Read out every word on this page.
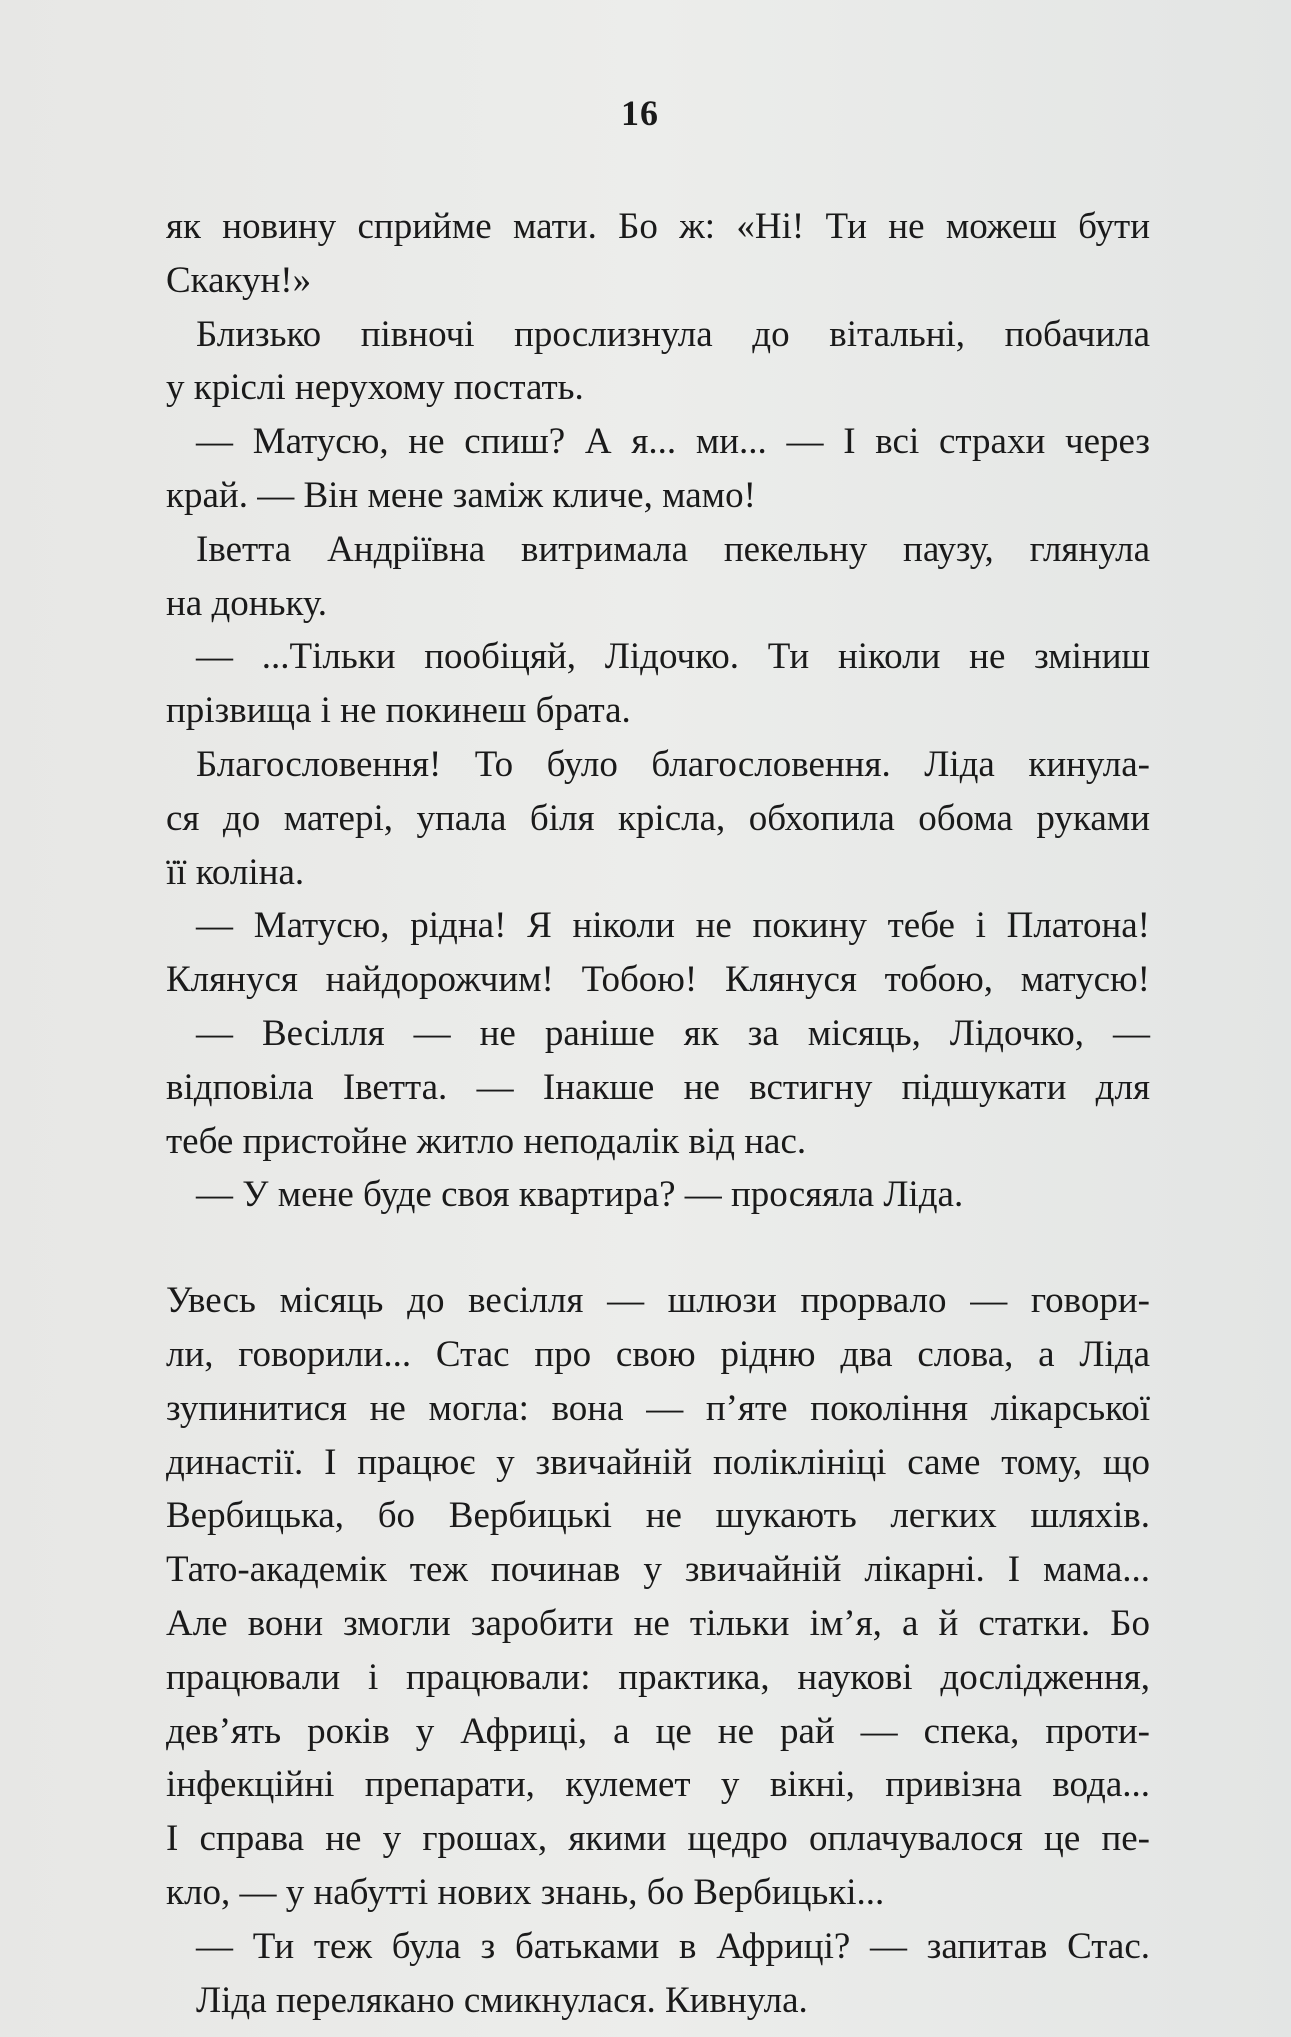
16
як новину сприйме мати. Бо ж: «Ні! Ти не можеш бути
Скакун!»
Близько півночі прослизнула до вітальні, побачила
у кріслі нерухому постать.
— Матусю, не спиш? А я... ми... — І всі страхи через
край. — Він мене заміж кличе, мамо!
Іветта Андріївна витримала пекельну паузу, глянула
на доньку.
— ...Тільки пообіцяй, Лідочко. Ти ніколи не зміниш
прізвища і не покинеш брата.
Благословення! То було благословення. Ліда кинула-
ся до матері, упала біля крісла, обхопила обома руками
її коліна.
— Матусю, рідна! Я ніколи не покину тебе і Платона!
Клянуся найдорожчим! Тобою! Клянуся тобою, матусю!
— Весілля — не раніше як за місяць, Лідочко, —
відповіла Іветта. — Інакше не встигну підшукати для
тебе пристойне житло неподалік від нас.
— У мене буде своя квартира? — просяяла Ліда.
Увесь місяць до весілля — шлюзи прорвало — говори-
ли, говорили... Стас про свою рідню два слова, а Ліда
зупинитися не могла: вона — п’яте покоління лікарської
династії. І працює у звичайній поліклініці саме тому, що
Вербицька, бо Вербицькі не шукають легких шляхів.
Тато-академік теж починав у звичайній лікарні. І мама...
Але вони змогли заробити не тільки ім’я, а й статки. Бо
працювали і працювали: практика, наукові дослідження,
дев’ять років у Африці, а це не рай — спека, проти-
інфекційні препарати, кулемет у вікні, привізна вода...
І справа не у грошах, якими щедро оплачувалося це пе-
кло, — у набутті нових знань, бо Вербицькі...
— Ти теж була з батьками в Африці? — запитав Стас.
Ліда перелякано смикнулася. Кивнула.
